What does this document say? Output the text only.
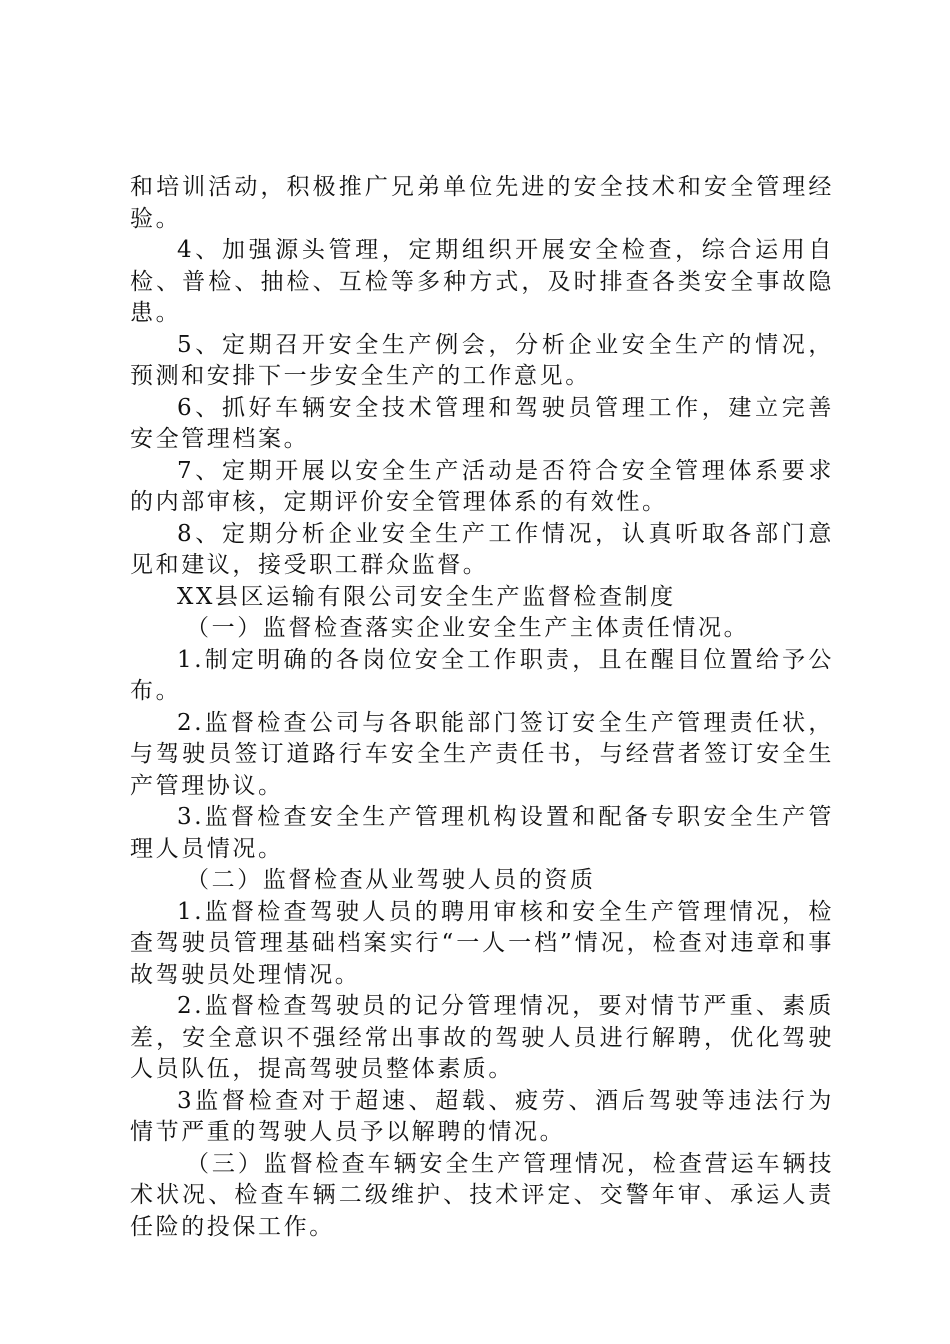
和培训活动，积极推广兄弟单位先进的安全技术和安全管理经验。

4、加强源头管理，定期组织开展安全检查，综合运用自检、普检、抽检、互检等多种方式，及时排查各类安全事故隐患。

5、定期召开安全生产例会，分析企业安全生产的情况，预测和安排下一步安全生产的工作意见。

6、抓好车辆安全技术管理和驾驶员管理工作，建立完善安全管理档案。

7、定期开展以安全生产活动是否符合安全管理体系要求的内部审核，定期评价安全管理体系的有效性。

8、定期分析企业安全生产工作情况，认真听取各部门意见和建议，接受职工群众监督。

XX县区运输有限公司安全生产监督检查制度

（一）监督检查落实企业安全生产主体责任情况。

1.制定明确的各岗位安全工作职责，且在醒目位置给予公布。

2.监督检查公司与各职能部门签订安全生产管理责任状，与驾驶员签订道路行车安全生产责任书，与经营者签订安全生产管理协议。

3.监督检查安全生产管理机构设置和配备专职安全生产管理人员情况。

（二）监督检查从业驾驶人员的资质

1.监督检查驾驶人员的聘用审核和安全生产管理情况，检查驾驶员管理基础档案实行“一人一档”情况，检查对违章和事故驾驶员处理情况。

2.监督检查驾驶员的记分管理情况，要对情节严重、素质差，安全意识不强经常出事故的驾驶人员进行解聘，优化驾驶人员队伍，提高驾驶员整体素质。

3监督检查对于超速、超载、疲劳、酒后驾驶等违法行为情节严重的驾驶人员予以解聘的情况。

（三）监督检查车辆安全生产管理情况，检查营运车辆技术状况、检查车辆二级维护、技术评定、交警年审、承运人责任险的投保工作。
